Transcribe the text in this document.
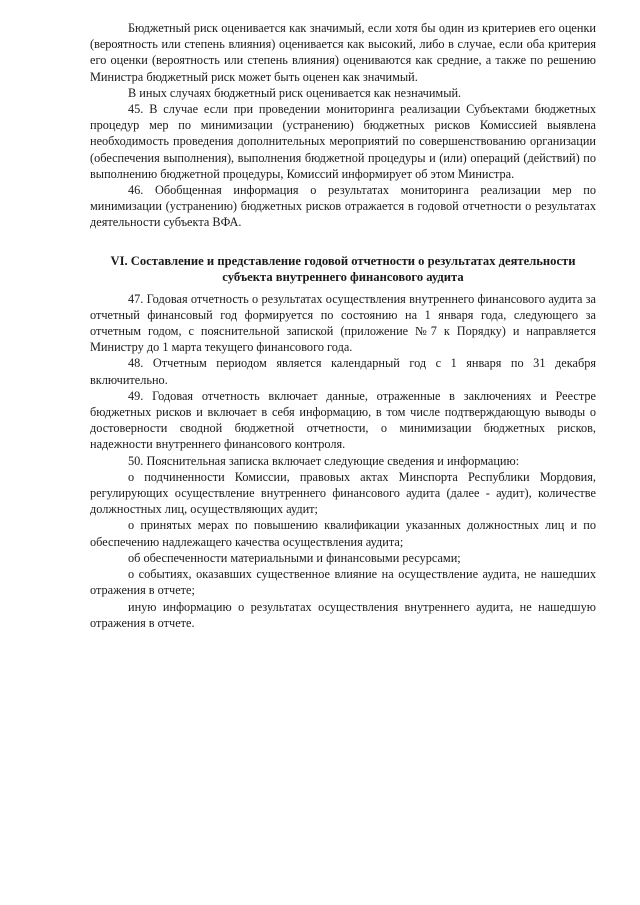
Бюджетный риск оценивается как значимый, если хотя бы один из критериев его оценки (вероятность или степень влияния) оценивается как высокий, либо в случае, если оба критерия его оценки (вероятность или степень влияния) оцениваются как средние, а также по решению Министра бюджетный риск может быть оценен как значимый.

В иных случаях бюджетный риск оценивается как незначимый.

45. В случае если при проведении мониторинга реализации Субъектами бюджетных процедур мер по минимизации (устранению) бюджетных рисков Комиссией выявлена необходимость проведения дополнительных мероприятий по совершенствованию организации (обеспечения выполнения), выполнения бюджетной процедуры и (или) операций (действий) по выполнению бюджетной процедуры, Комиссий информирует об этом Министра.

46. Обобщенная информация о результатах мониторинга реализации мер по минимизации (устранению) бюджетных рисков отражается в годовой отчетности о результатах деятельности субъекта ВФА.

VI. Составление и представление годовой отчетности о результатах деятельности
субъекта внутреннего финансового аудита

47. Годовая отчетность о результатах осуществления внутреннего финансового аудита за отчетный финансовый год формируется по состоянию на 1 января года, следующего за отчетным годом, с пояснительной запиской (приложение №7 к Порядку) и направляется Министру до 1 марта текущего финансового года.

48. Отчетным периодом является календарный год с 1 января по 31 декабря включительно.

49. Годовая отчетность включает данные, отраженные в заключениях и Реестре бюджетных рисков и включает в себя информацию, в том числе подтверждающую выводы о достоверности сводной бюджетной отчетности, о минимизации бюджетных рисков, надежности внутреннего финансового контроля.

50. Пояснительная записка включает следующие сведения и информацию:

о подчиненности Комиссии, правовых актах Минспорта Республики Мордовия, регулирующих осуществление внутреннего финансового аудита (далее - аудит), количестве должностных лиц, осуществляющих аудит;

о принятых мерах по повышению квалификации указанных должностных лиц и по обеспечению надлежащего качества осуществления аудита;

об обеспеченности материальными и финансовыми ресурсами;

о событиях, оказавших существенное влияние на осуществление аудита, не нашедших отражения в отчете;

иную информацию о результатах осуществления внутреннего аудита, не нашедшую отражения в отчете.
